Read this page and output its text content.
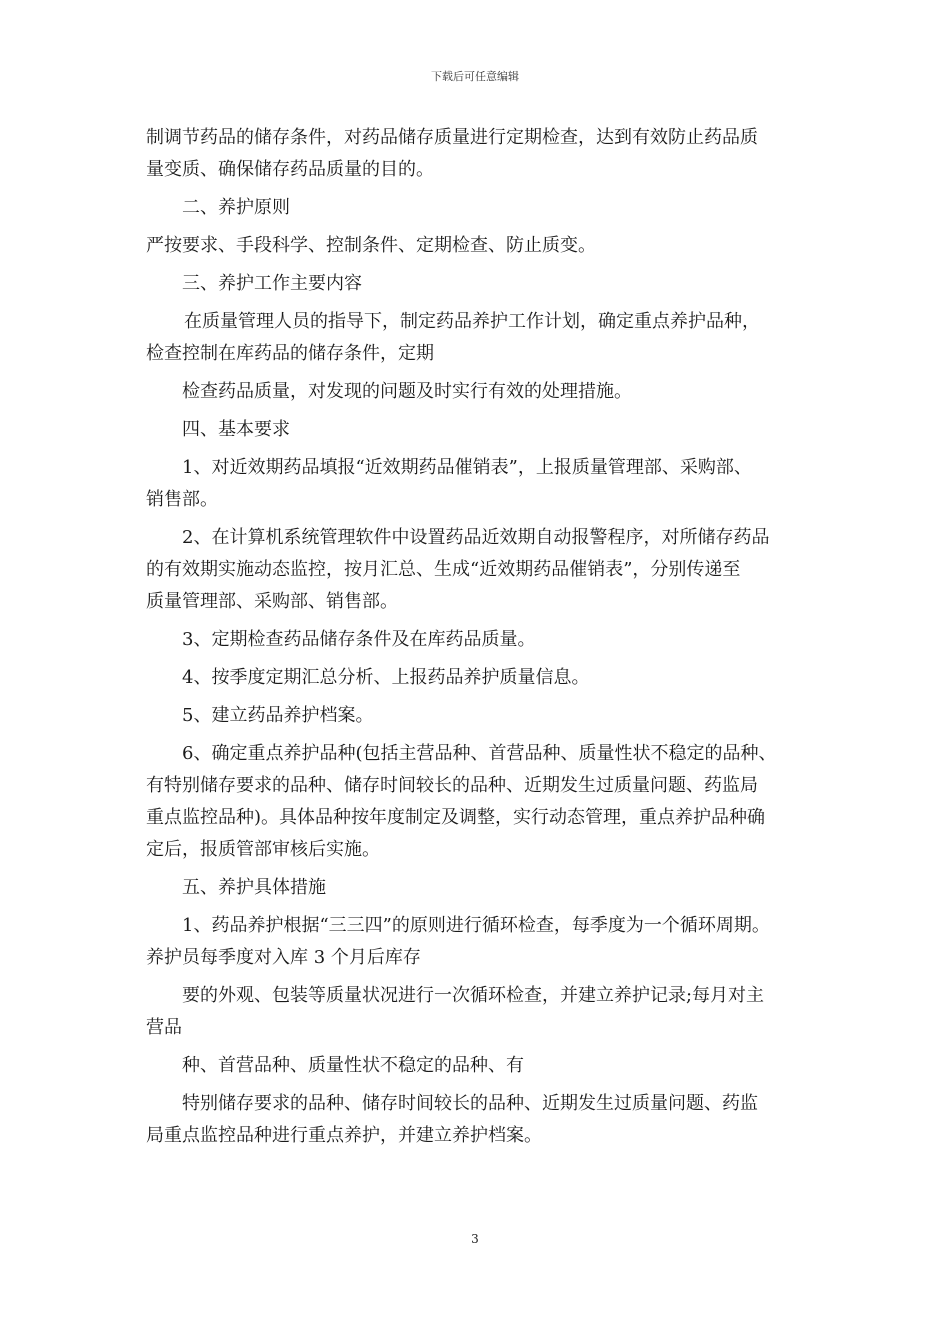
下载后可任意编辑
制调节药品的储存条件，对药品储存质量进行定期检查，达到有效防止药品质
量变质、确保储存药品质量的目的。
二、养护原则
严按要求、手段科学、控制条件、定期检查、防止质变。
三、养护工作主要内容
在质量管理人员的指导下，制定药品养护工作计划，确定重点养护品种，
检查控制在库药品的储存条件，定期
检查药品质量，对发现的问题及时实行有效的处理措施。
四、基本要求
1、对近效期药品填报“近效期药品催销表”，上报质量管理部、采购部、
销售部。
2、在计算机系统管理软件中设置药品近效期自动报警程序，对所储存药品
的有效期实施动态监控，按月汇总、生成“近效期药品催销表”，分别传递至
质量管理部、采购部、销售部。
3、定期检查药品储存条件及在库药品质量。
4、按季度定期汇总分析、上报药品养护质量信息。
5、建立药品养护档案。
6、确定重点养护品种(包括主营品种、首营品种、质量性状不稳定的品种、
有特别储存要求的品种、储存时间较长的品种、近期发生过质量问题、药监局
重点监控品种)。具体品种按年度制定及调整，实行动态管理，重点养护品种确
定后，报质管部审核后实施。
五、养护具体措施
1、药品养护根据“三三四”的原则进行循环检查，每季度为一个循环周期。
养护员每季度对入库 3 个月后库存
要的外观、包装等质量状况进行一次循环检查，并建立养护记录;每月对主
营品
种、首营品种、质量性状不稳定的品种、有
特别储存要求的品种、储存时间较长的品种、近期发生过质量问题、药监
局重点监控品种进行重点养护，并建立养护档案。
3
